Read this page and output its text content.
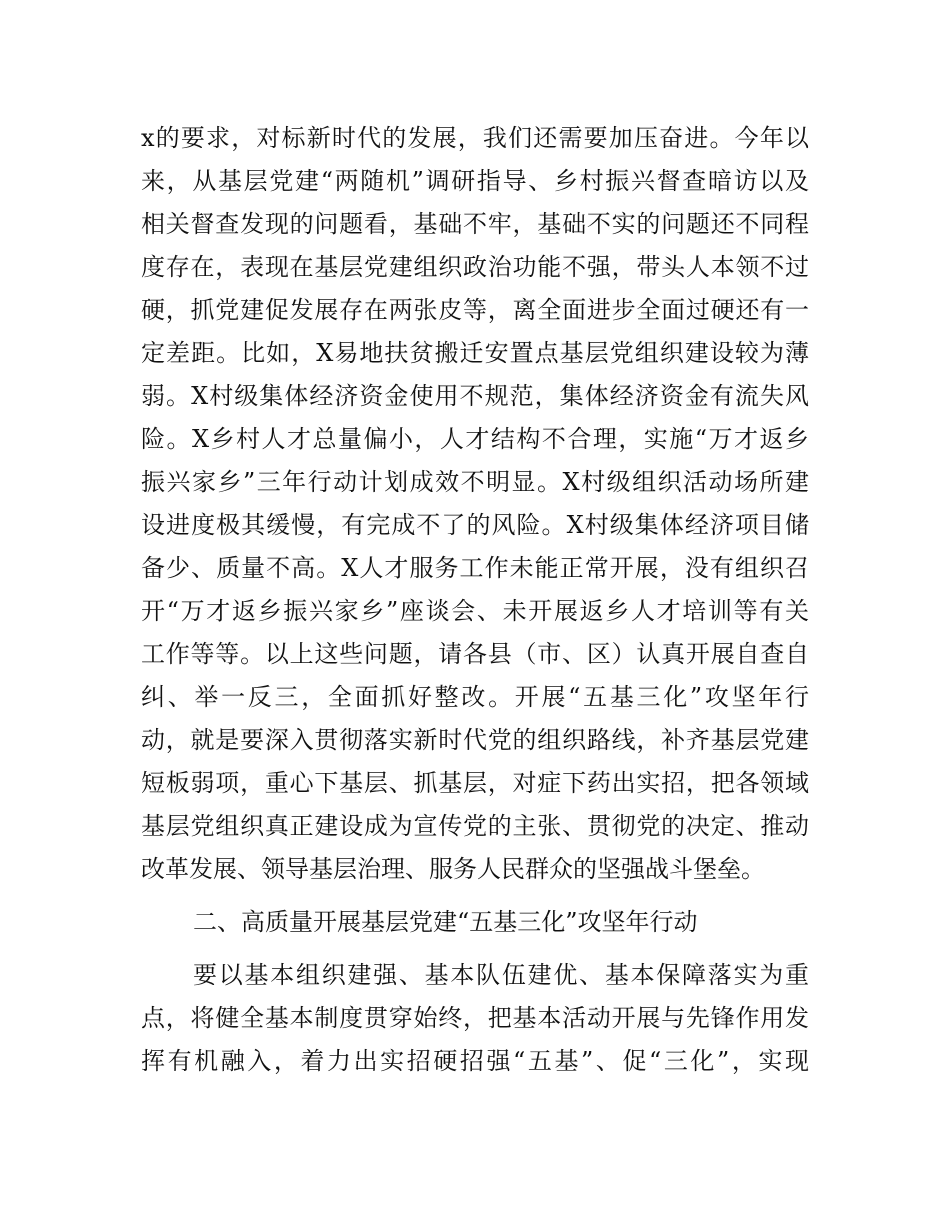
x的要求，对标新时代的发展，我们还需要加压奋进。今年以
来，从基层党建“两随机”调研指导、乡村振兴督查暗访以及
相关督查发现的问题看，基础不牢，基础不实的问题还不同程
度存在，表现在基层党建组织政治功能不强，带头人本领不过
硬，抓党建促发展存在两张皮等，离全面进步全面过硬还有一
定差距。比如，X易地扶贫搬迁安置点基层党组织建设较为薄
弱。X村级集体经济资金使用不规范，集体经济资金有流失风
险。X乡村人才总量偏小，人才结构不合理，实施“万才返乡
振兴家乡”三年行动计划成效不明显。X村级组织活动场所建
设进度极其缓慢，有完成不了的风险。X村级集体经济项目储
备少、质量不高。X人才服务工作未能正常开展，没有组织召
开“万才返乡振兴家乡”座谈会、未开展返乡人才培训等有关
工作等等。以上这些问题，请各县（市、区）认真开展自查自
纠、举一反三，全面抓好整改。开展“五基三化”攻坚年行
动，就是要深入贯彻落实新时代党的组织路线，补齐基层党建
短板弱项，重心下基层、抓基层，对症下药出实招，把各领域
基层党组织真正建设成为宣传党的主张、贯彻党的决定、推动
改革发展、领导基层治理、服务人民群众的坚强战斗堡垒。
二、高质量开展基层党建“五基三化”攻坚年行动
要以基本组织建强、基本队伍建优、基本保障落实为重
点，将健全基本制度贯穿始终，把基本活动开展与先锋作用发
挥有机融入，着力出实招硬招强“五基”、促“三化”，实现
